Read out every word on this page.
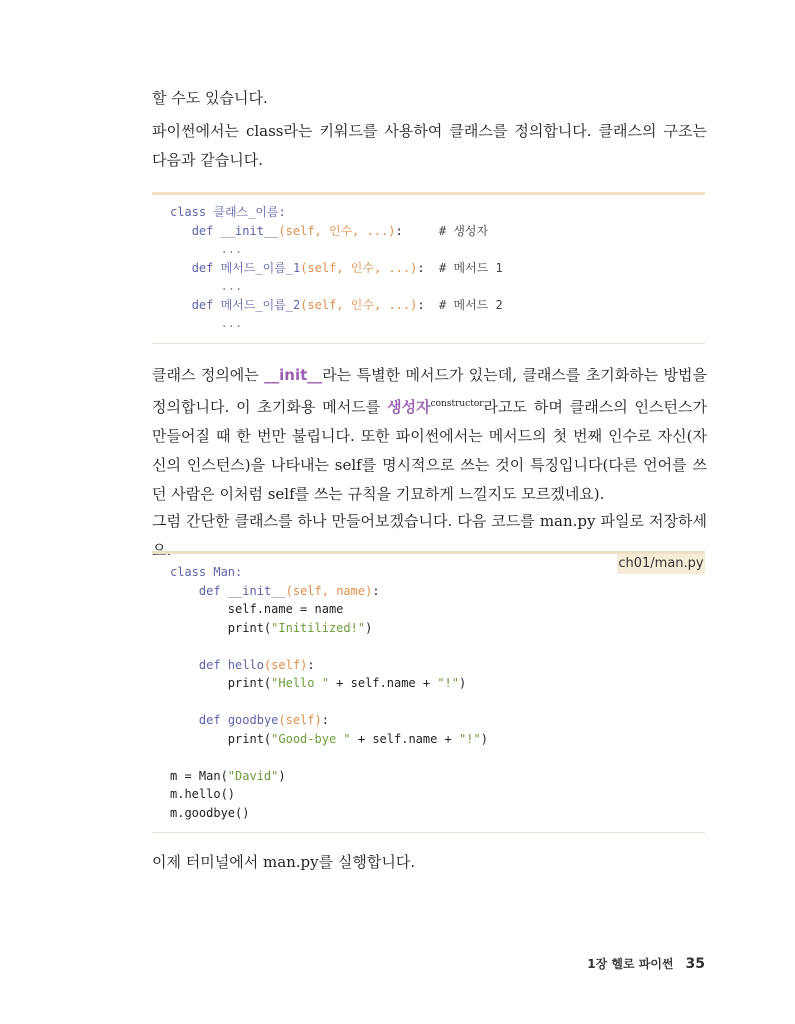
할 수도 있습니다.

파이썬에서는 class라는 키워드를 사용하여 클래스를 정의합니다. 클래스의 구조는 다음과 같습니다.

class 클래스_이름:
def __init__(self, 인수, ...):	# 생성자
...
def 메서드_이름_1(self, 인수, ...): # 메서드 1
...
def 메서드_이름_2(self, 인수, ...): # 메서드 2
...

클래스 정의에는 __init__라는 특별한 메서드가 있는데, 클래스를 초기화하는 방법을 정의합니다. 이 초기화용 메서드를 생성자$^{constructor}$라고도 하며 클래스의 인스턴스가 만들어질 때 한 번만 불립니다. 또한 파이썬에서는 메서드의 첫 번째 인수로 자신(자신의 인스턴스)을 나타내는 self를 명시적으로 쓰는 것이 특징입니다(다른 언어를 쓰던 사람은 이처럼 self를 쓰는 규칙을 기묘하게 느낄지도 모르겠네요).

그럼 간단한 클래스를 하나 만들어보겠습니다. 다음 코드를 man.py 파일로 저장하세요.

ch01/man.py
class Man:
def __init__(self, name):
self.name = name
print("Initilized!")

def hello(self):
print("Hello " + self.name + "!")

def goodbye(self):
print("Good-bye " + self.name + "!")

m = Man("David")
m.hello()
m.goodbye()

이제 터미널에서 man.py를 실행합니다.

1장 헬로 파이썬 35
